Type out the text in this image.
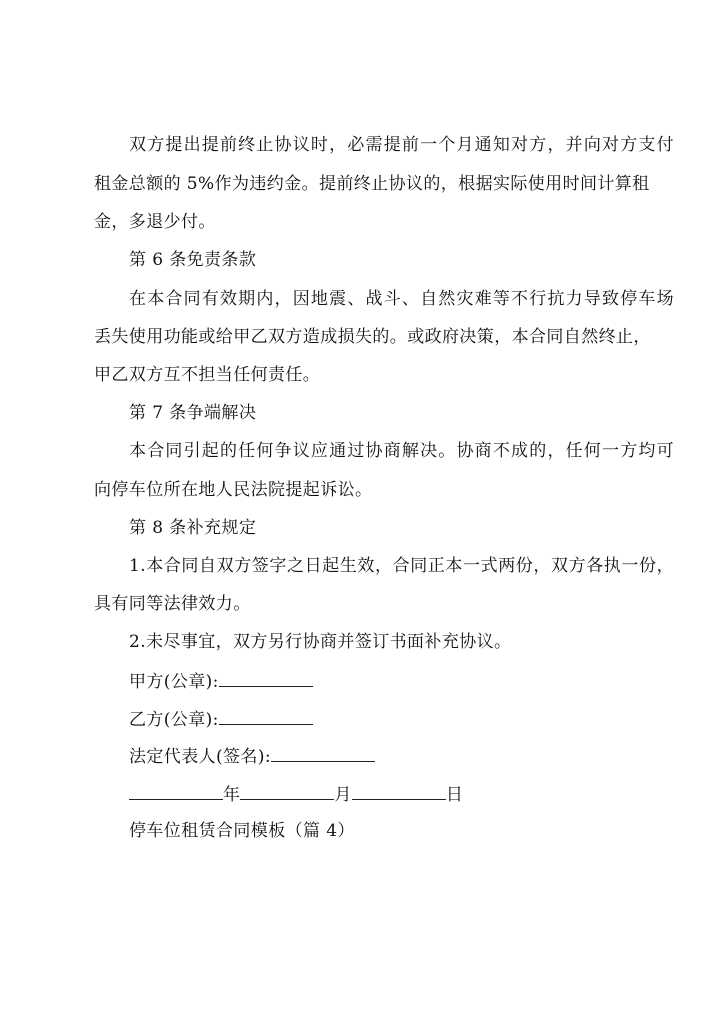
双方提出提前终止协议时，必需提前一个月通知对方，并向对方支付
租金总额的 5%作为违约金。提前终止协议的，根据实际使用时间计算租
金，多退少付。
第 6 条免责条款
在本合同有效期内，因地震、战斗、自然灾难等不行抗力导致停车场
丢失使用功能或给甲乙双方造成损失的。或政府决策，本合同自然终止，
甲乙双方互不担当任何责任。
第 7 条争端解决
本合同引起的任何争议应通过协商解决。协商不成的，任何一方均可
向停车位所在地人民法院提起诉讼。
第 8 条补充规定
1.本合同自双方签字之日起生效，合同正本一式两份，双方各执一份，
具有同等法律效力。
2.未尽事宜，双方另行协商并签订书面补充协议。
甲方(公章):
乙方(公章):
法定代表人(签名):
年	月	日
停车位租赁合同模板（篇 4）
